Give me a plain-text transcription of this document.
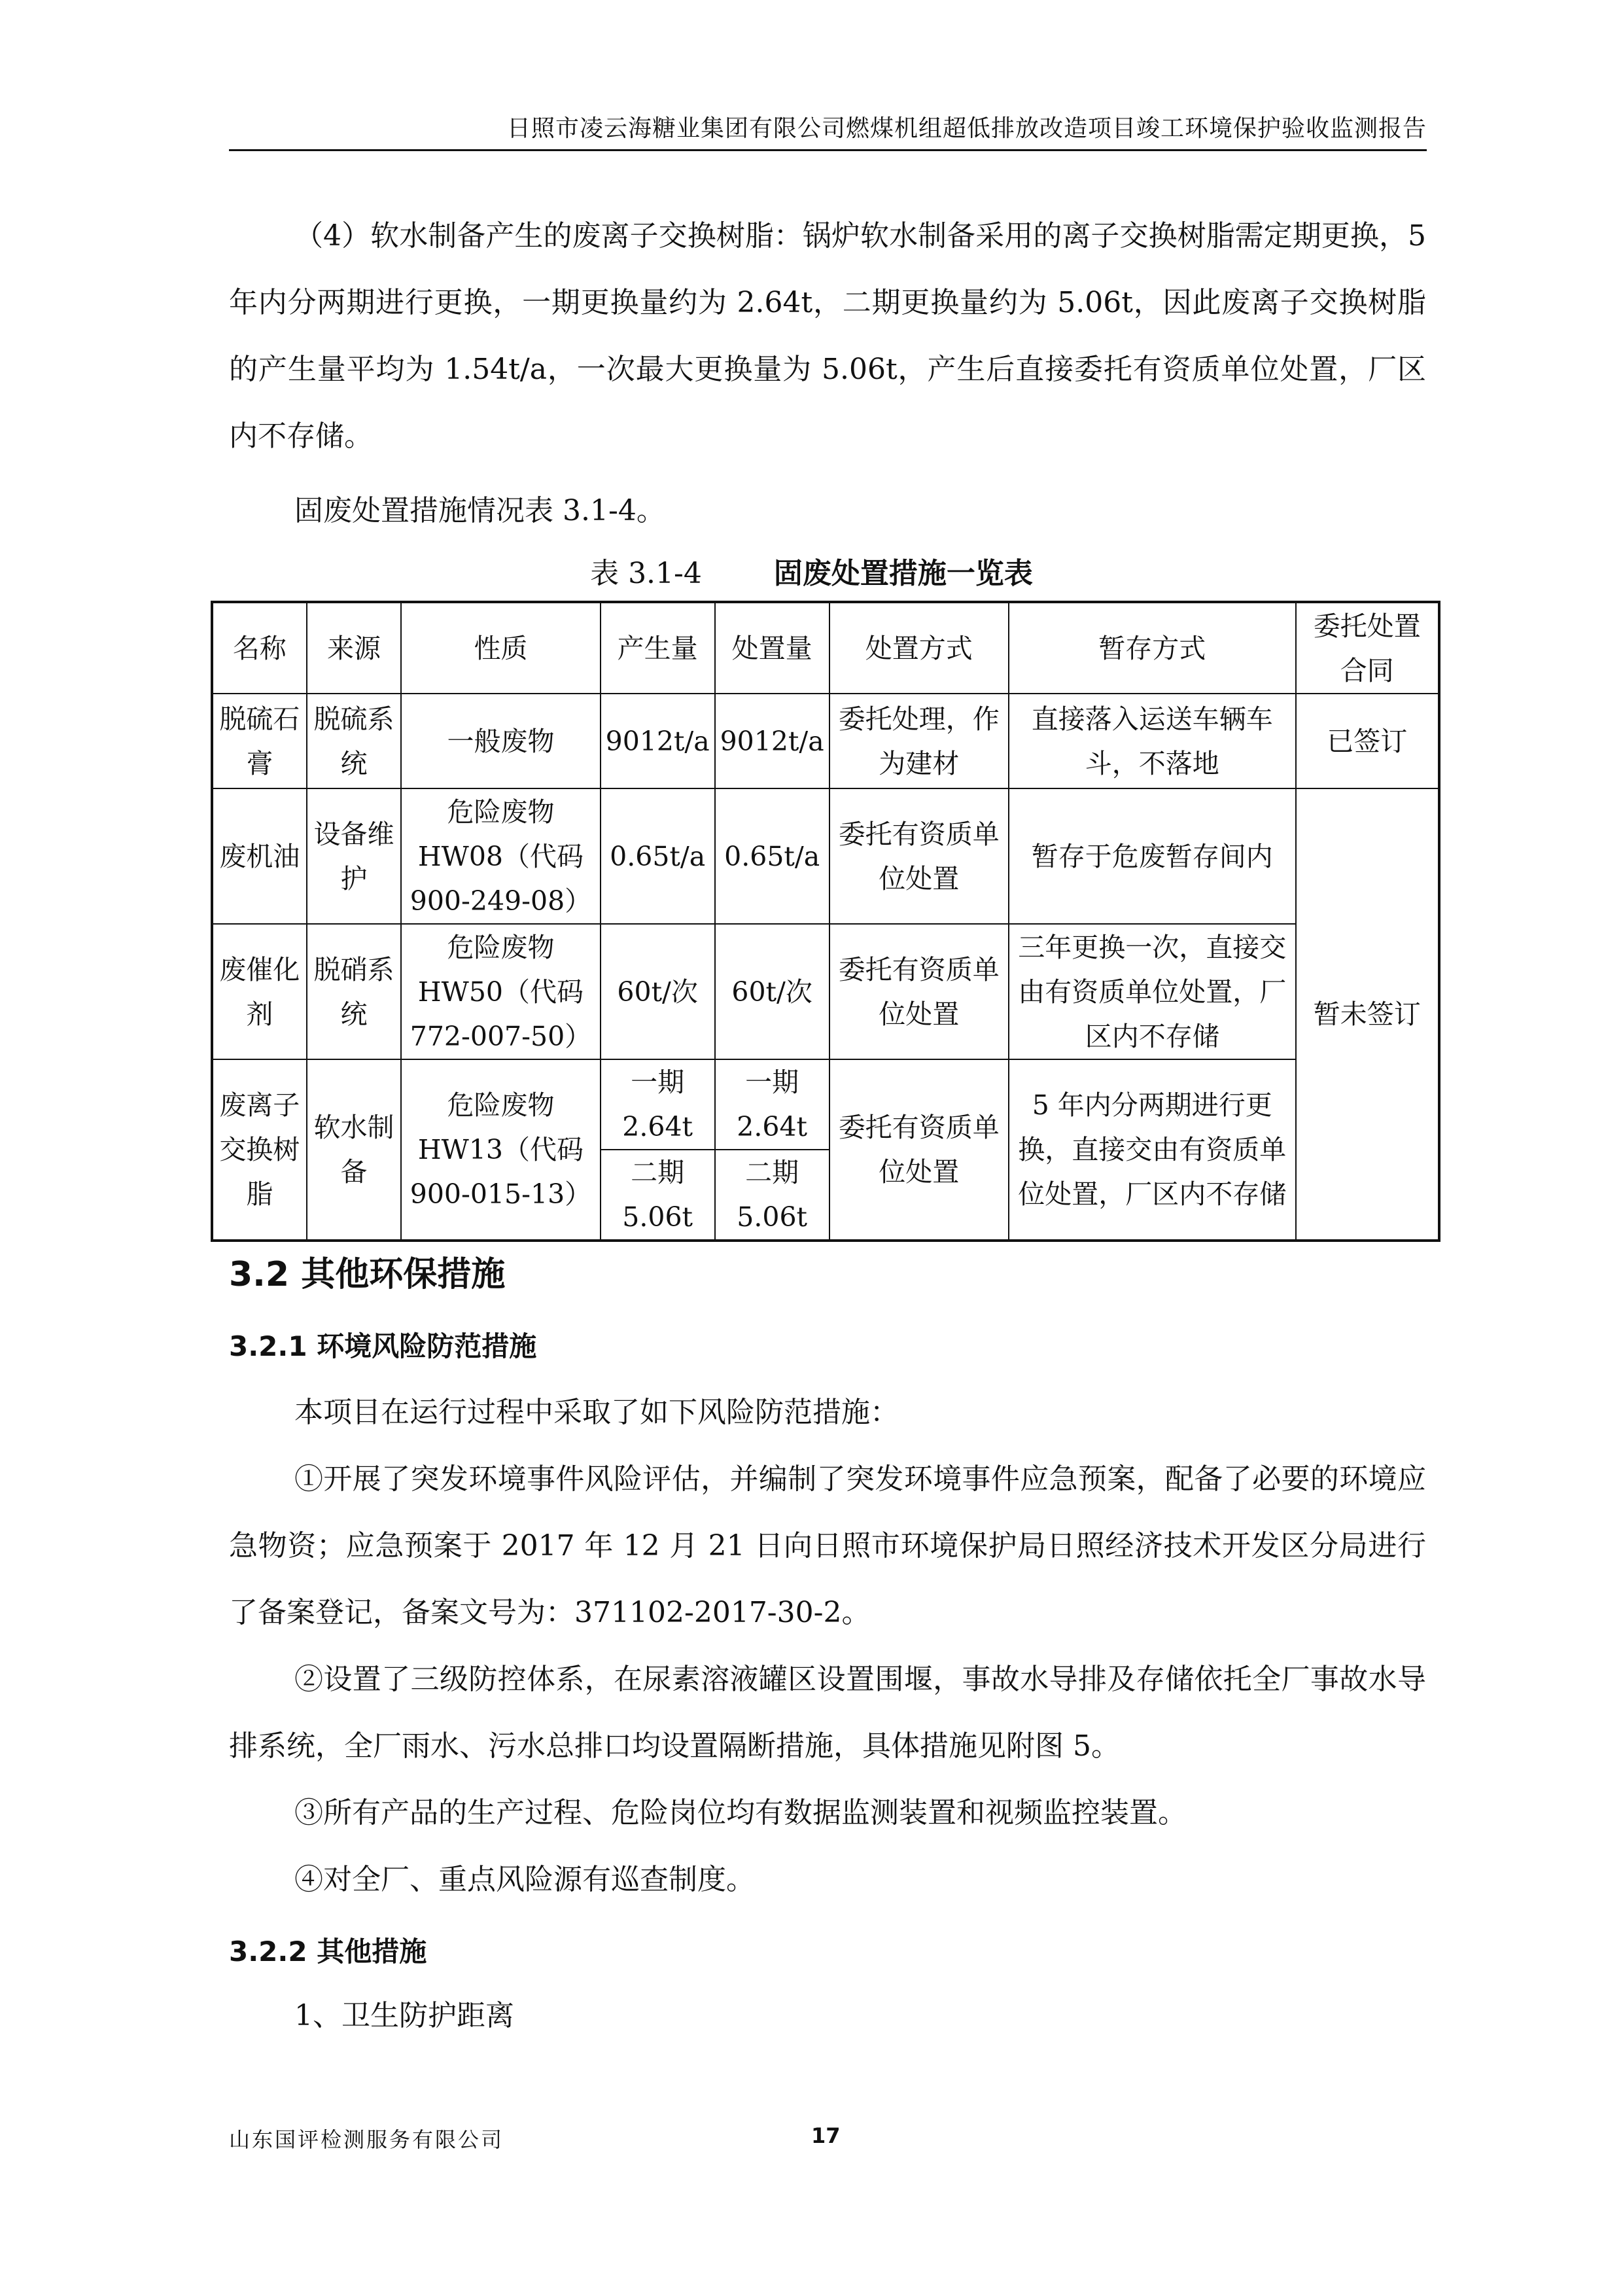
日照市凌云海糖业集团有限公司燃煤机组超低排放改造项目竣工环境保护验收监测报告
（4）软水制备产生的废离子交换树脂：锅炉软水制备采用的离子交换树脂需定期更换，5 年内分两期进行更换，一期更换量约为 2.64t，二期更换量约为 5.06t，因此废离子交换树脂的产生量平均为 1.54t/a，一次最大更换量为 5.06t，产生后直接委托有资质单位处置，厂区内不存储。
固废处置措施情况表 3.1-4。
表 3.1-4	固废处置措施一览表
名称	来源	性质	产生量	处置量	处置方式	暂存方式	委托处置合同
脱硫石膏	脱硫系统	一般废物	9012t/a	9012t/a	委托处理，作为建材	直接落入运送车辆车斗，不落地	已签订
废机油	设备维护	危险废物 HW08（代码 900-249-08）	0.65t/a	0.65t/a	委托有资质单位处置	暂存于危废暂存间内	暂未签订
废催化剂	脱硝系统	危险废物 HW50（代码 772-007-50）	60t/次	60t/次	委托有资质单位处置	三年更换一次，直接交由有资质单位处置，厂区内不存储	
废离子交换树脂	软水制备	危险废物 HW13（代码 900-015-13）	一期 2.64t	一期 2.64t	委托有资质单位处置	5 年内分两期进行更换，直接交由有资质单位处置，厂区内不存储	
			二期 5.06t	二期 5.06t			
3.2 其他环保措施
3.2.1 环境风险防范措施
本项目在运行过程中采取了如下风险防范措施：
①开展了突发环境事件风险评估，并编制了突发环境事件应急预案，配备了必要的环境应急物资；应急预案于 2017 年 12 月 21 日向日照市环境保护局日照经济技术开发区分局进行了备案登记，备案文号为：371102-2017-30-2。
②设置了三级防控体系，在尿素溶液罐区设置围堰，事故水导排及存储依托全厂事故水导排系统，全厂雨水、污水总排口均设置隔断措施，具体措施见附图 5。
③所有产品的生产过程、危险岗位均有数据监测装置和视频监控装置。
④对全厂、重点风险源有巡查制度。
3.2.2 其他措施
1、卫生防护距离
山东国评检测服务有限公司	17
